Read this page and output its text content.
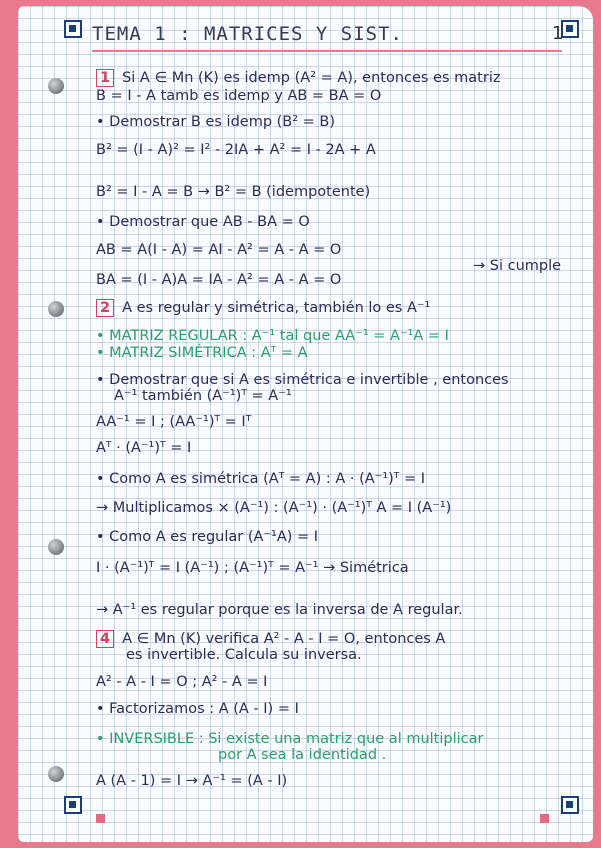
TEMA 1 : MATRICES Y SIST.	1
1 Si A ∈ Mn (K) es idemp (A² = A), entonces es matriz
B = I - A tamb es idemp y AB = BA = O
• Demostrar B es idemp (B² = B)
B² = (I - A)² = I² - 2IA + A² = I - 2A + A
B² = I - A = B → B² = B (idempotente)
• Demostrar que AB - BA = O
AB = A(I - A) = AI - A² = A - A = O
BA = (I - A)A = IA - A² = A - A = O
→ Si cumple
2 A es regular y simétrica, también lo es A⁻¹
• MATRIZ REGULAR : A⁻¹ tal que AA⁻¹ = A⁻¹A = I
• MATRIZ SIMÉTRICA : Aᵀ = A
• Demostrar que si A es simétrica e invertible , entonces
A⁻¹ también (A⁻¹)ᵀ = A⁻¹
AA⁻¹ = I ; (AA⁻¹)ᵀ = Iᵀ
Aᵀ · (A⁻¹)ᵀ = I
• Como A es simétrica (Aᵀ = A) : A · (A⁻¹)ᵀ = I
→ Multiplicamos × (A⁻¹) : (A⁻¹) · (A⁻¹)ᵀ A = I (A⁻¹)
• Como A es regular (A⁻¹A) = I
I · (A⁻¹)ᵀ = I (A⁻¹) ; (A⁻¹)ᵀ = A⁻¹ → Simétrica
→ A⁻¹ es regular porque es la inversa de A regular.
4 A ∈ Mn (K) verifica A² - A - I = O, entonces A
es invertible. Calcula su inversa.
A² - A - I = O ; A² - A = I
• Factorizamos : A (A - I) = I
• INVERSIBLE : Si existe una matriz que al multiplicar
por A sea la identidad .
A (A - 1) = I → A⁻¹ = (A - I)
